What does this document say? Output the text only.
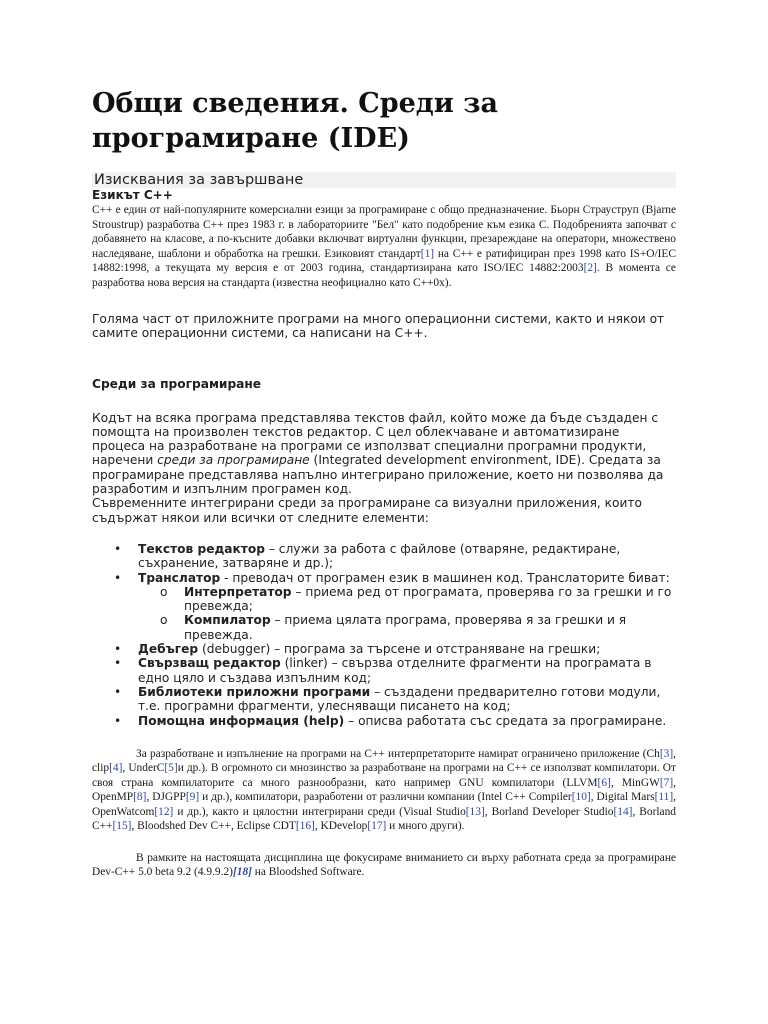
Общи сведения. Среди за програмиране (IDE)
Изисквания за завършване
Езикът C++

C++ е един от най-популярните комерсиални езици за програмиране с общо предназначение. Бьорн Страуструп (Bjarne Stroustrup) разработва C++ през 1983 г. в лабораториите "Бел" като подобрение към езика C. Подобренията започват с добавянето на класове, а по-късните добавки включват виртуални функции, презареждане на оператори, множествено наследяване, шаблони и обработка на грешки. Езиковият стандарт[1] на C++ е ратифициран през 1998 като IS+O/IEC 14882:1998, а текущата му версия е от 2003 година, стандартизирана като ISO/IEC 14882:2003[2]. В момента се разработва нова версия на стандарта (известна неофициално като C++0x).

Голяма част от приложните програми на много операционни системи, както и някои от самите операционни системи, са написани на C++.

Среди за програмиране

Кодът на всяка програма представлява текстов файл, който може да бъде създаден с помощта на произволен текстов редактор. С цел облекчаване и автоматизиране процеса на разработване на програми се използват специални програмни продукти, наречени среди за програмиране (Integrated development environment, IDE). Средата за програмиране представлява напълно интегрирано приложение, което ни позволява да разработим и изпълним програмен код.

Съвременните интегрирани среди за програмиране са визуални приложения, които съдържат някои или всички от следните елементи:

• Текстов редактор – служи за работа с файлове (отваряне, редактиране, съхранение, затваряне и др.);
• Транслатор - преводач от програмен език в машинен код. Транслаторите биват:
o Интерпретатор – приема ред от програмата, проверява го за грешки и го превежда;
o Компилатор – приема цялата програма, проверява я за грешки и я превежда.
• Дебъгер (debugger) – програма за търсене и отстраняване на грешки;
• Свързващ редактор (linker) – свързва отделните фрагменти на програмата в едно цяло и създава изпълним код;
• Библиотеки приложни програми – създадени предварително готови модули, т.е. програмни фрагменти, улесняващи писането на код;
• Помощна информация (help) – описва работата със средата за програмиране.

За разработване и изпълнение на програми на C++ интерпретаторите намират ограничено приложение (Ch[3], clip[4], UnderC[5]и др.). В огромното си мнозинство за разработване на програми на C++ се използват компилатори. От своя страна компилаторите са много разнообразни, като например GNU компилатори (LLVM[6], MinGW[7], OpenMP[8], DJGPP[9] и др.), компилатори, разработени от различни компании (Intel C++ Compiler[10], Digital Mars[11], OpenWatcom[12] и др.), както и цялостни интегрирани среди (Visual Studio[13], Borland Developer Studio[14], Borland C++[15], Bloodshed Dev C++, Eclipse CDT[16], KDevelop[17] и много други).

В рамките на настоящата дисциплина ще фокусираме вниманието си върху работната среда за програмиране Dev-C++ 5.0 beta 9.2 (4.9.9.2)[18] на Bloodshed Software.
